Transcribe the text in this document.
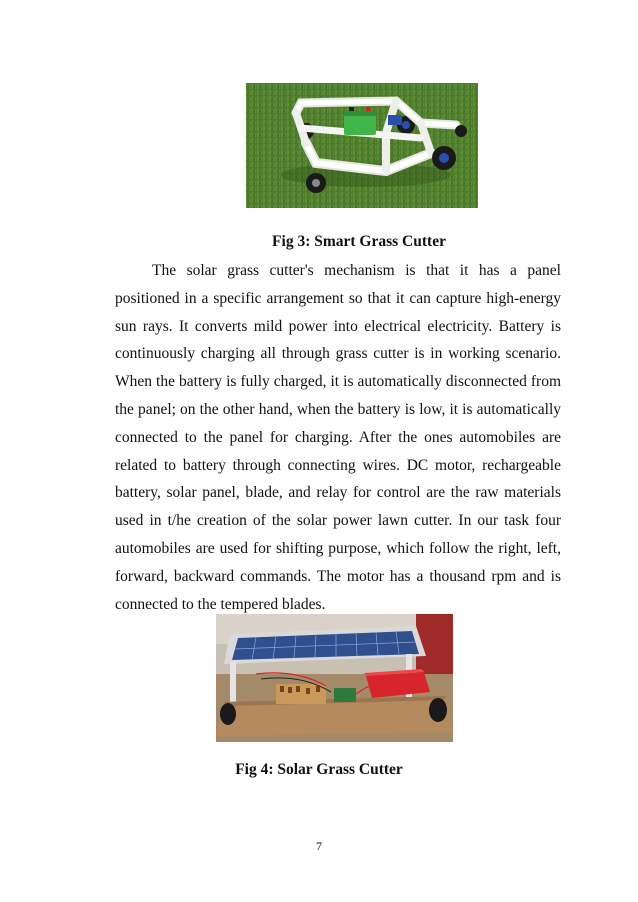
Fig 3: Smart Grass Cutter

The solar grass cutter's mechanism is that it has a panel positioned in a specific arrangement so that it can capture high-energy sun rays. It converts mild power into electrical electricity. Battery is continuously charging all through grass cutter is in working scenario. When the battery is fully charged, it is automatically disconnected from the panel; on the other hand, when the battery is low, it is automatically connected to the panel for charging. After the ones automobiles are related to battery through connecting wires. DC motor, rechargeable battery, solar panel, blade, and relay for control are the raw materials used in t/he creation of the solar power lawn cutter. In our task four automobiles are used for shifting purpose, which follow the right, left, forward, backward commands. The motor has a thousand rpm and is connected to the tempered blades.

Fig 4: Solar Grass Cutter
7
